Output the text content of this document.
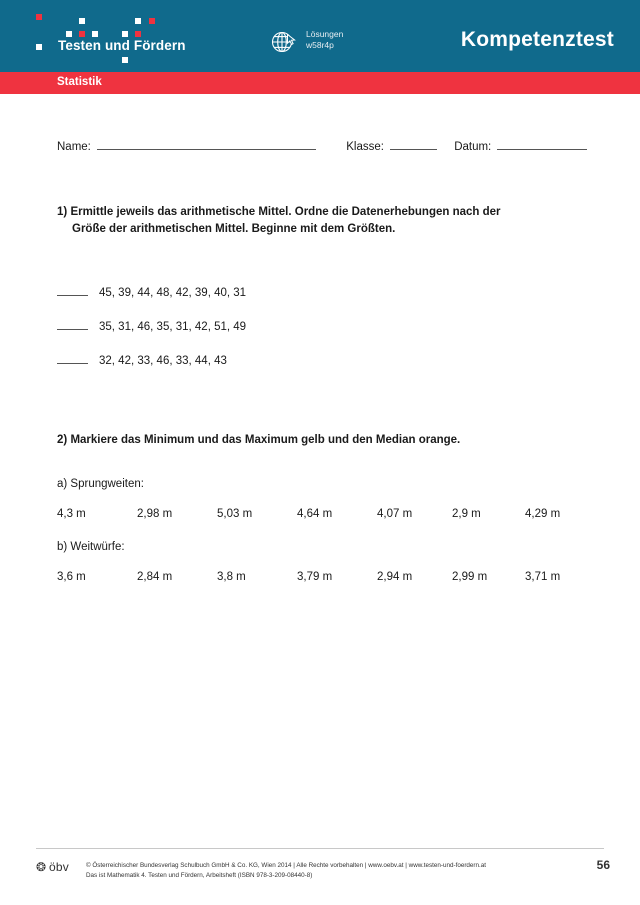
Testen und Fördern
Lösungen
w58r4p	Kompetenztest
Statistik
Name:	Klasse:	Datum:
1) Ermittle jeweils das arithmetische Mittel. Ordne die Datenerhebungen nach der
Größe der arithmetischen Mittel. Beginne mit dem Größten.
45, 39, 44, 48, 42, 39, 40, 31
35, 31, 46, 35, 31, 42, 51, 49
32, 42, 33, 46, 33, 44, 43
2) Markiere das Minimum und das Maximum gelb und den Median orange.
a) Sprungweiten:
4,3 m	2,98 m	5,03 m	4,64 m	4,07 m	2,9 m	4,29 m
b) Weitwürfe:
3,6 m	2,84 m	3,8 m	3,79 m	2,94 m	2,99 m	3,71 m
❂ öbv	© Österreichischer Bundesverlag Schulbuch GmbH & Co. KG, Wien 2014 | Alle Rechte vorbehalten | www.oebv.at | www.testen-und-foerdern.at
Das ist Mathematik 4. Testen und Fördern, Arbeitsheft (ISBN 978-3-209-08440-8)
56
